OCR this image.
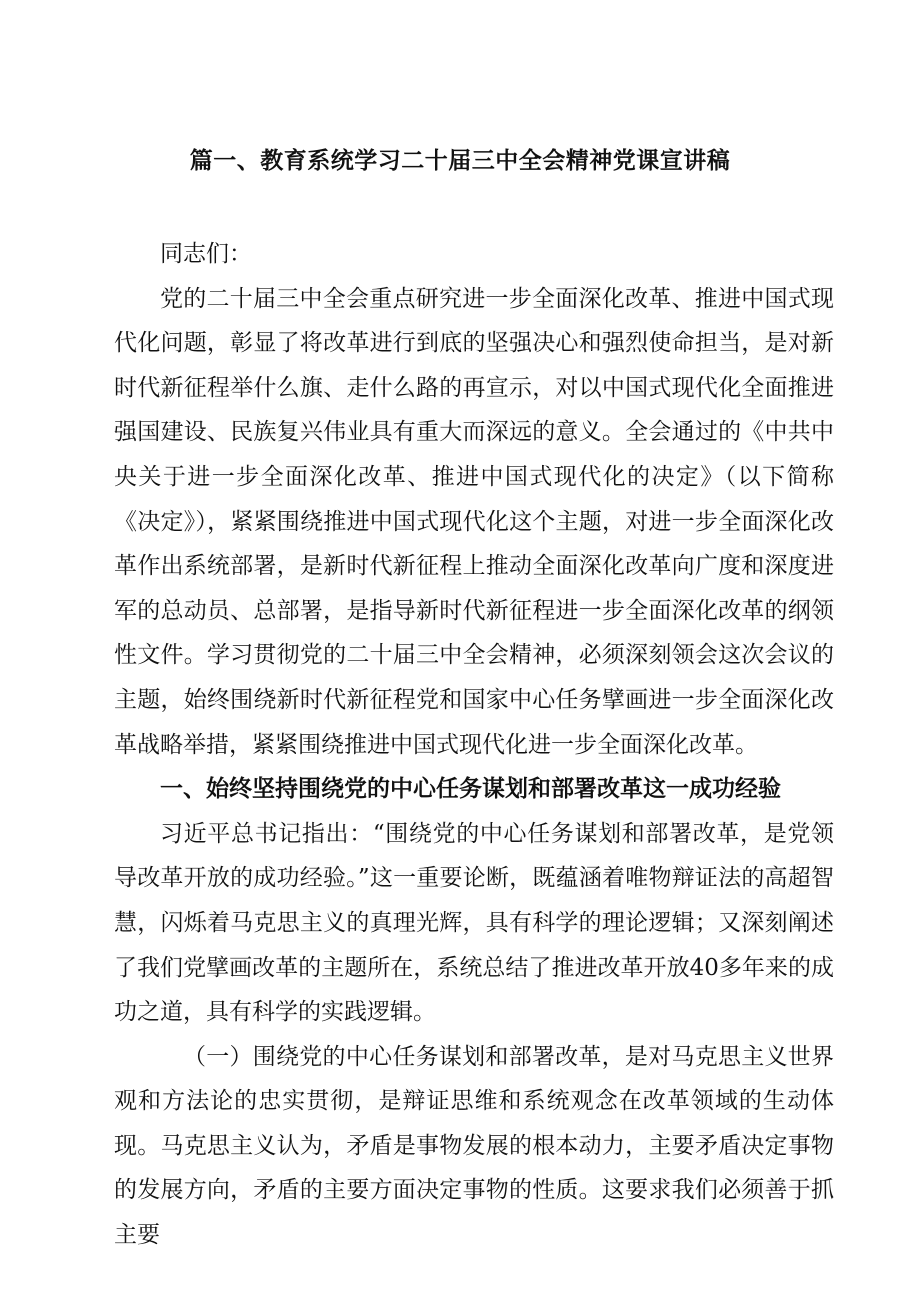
篇一、教育系统学习二十届三中全会精神党课宣讲稿

同志们：

党的二十届三中全会重点研究进一步全面深化改革、推进中国式现代化问题，彰显了将改革进行到底的坚强决心和强烈使命担当，是对新时代新征程举什么旗、走什么路的再宣示，对以中国式现代化全面推进强国建设、民族复兴伟业具有重大而深远的意义。全会通过的《中共中央关于进一步全面深化改革、推进中国式现代化的决定》（以下简称《决定》），紧紧围绕推进中国式现代化这个主题，对进一步全面深化改革作出系统部署，是新时代新征程上推动全面深化改革向广度和深度进军的总动员、总部署，是指导新时代新征程进一步全面深化改革的纲领性文件。学习贯彻党的二十届三中全会精神，必须深刻领会这次会议的主题，始终围绕新时代新征程党和国家中心任务擘画进一步全面深化改革战略举措，紧紧围绕推进中国式现代化进一步全面深化改革。

一、始终坚持围绕党的中心任务谋划和部署改革这一成功经验

习近平总书记指出：“围绕党的中心任务谋划和部署改革，是党领导改革开放的成功经验。”这一重要论断，既蕴涵着唯物辩证法的高超智慧，闪烁着马克思主义的真理光辉，具有科学的理论逻辑；又深刻阐述了我们党擘画改革的主题所在，系统总结了推进改革开放40多年来的成功之道，具有科学的实践逻辑。

（一）围绕党的中心任务谋划和部署改革，是对马克思主义世界观和方法论的忠实贯彻，是辩证思维和系统观念在改革领域的生动体现。马克思主义认为，矛盾是事物发展的根本动力，主要矛盾决定事物的发展方向，矛盾的主要方面决定事物的性质。这要求我们必须善于抓主要
